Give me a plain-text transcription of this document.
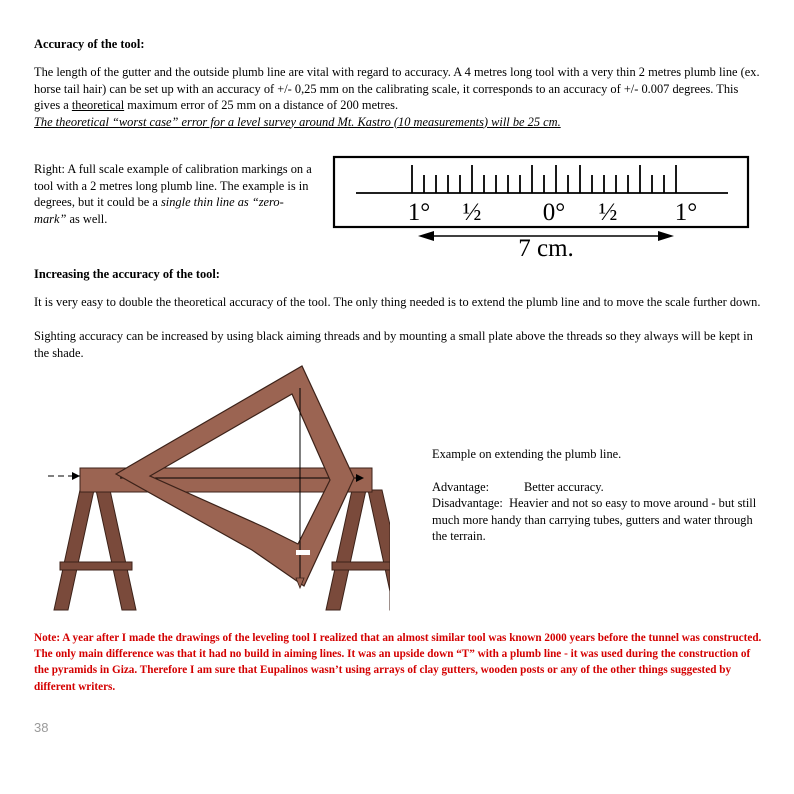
Accuracy of the tool:

The length of the gutter and the outside plumb line are vital with regard to accuracy. A 4 metres long tool with a very thin 2 metres plumb line (ex. horse tail hair) can be set up with an accuracy of +/- 0,25 mm on the calibrating scale, it corresponds to an accuracy of +/- 0.007 degrees. This gives a theoretical maximum error of 25 mm on a distance of 200 metres.
The theoretical “worst case” error for a level survey around Mt. Kastro (10 measurements) will be 25 cm.

Right: A full scale example of calibration markings on a tool with a 2 metres long plumb line. The example is in degrees, but it could be a single thin line as “zero-mark” as well.	1° ½ 0° ½ 1°
7 cm.
Increasing the accuracy of the tool:

It is very easy to double the theoretical accuracy of the tool. The only thing needed is to extend the plumb line and to move the scale further down.

Sighting accuracy can be increased by using black aiming threads and by mounting a small plate above the threads so they always will be kept in the shade.

Example on extending the plumb line.

Advantage:	Better accuracy.

Disadvantage: Heavier and not so easy to move around - but still much more handy than carrying tubes, gutters and water through the terrain.

Note: A year after I made the drawings of the leveling tool I realized that an almost similar tool was known 2000 years before the tunnel was constructed. The only main difference was that it had no build in aiming lines. It was an upside down “T” with a plumb line - it was used during the construction of the pyramids in Giza. Therefore I am sure that Eupalinos wasn’t using arrays of clay gutters, wooden posts or any of the other things suggested by different writers.

38
